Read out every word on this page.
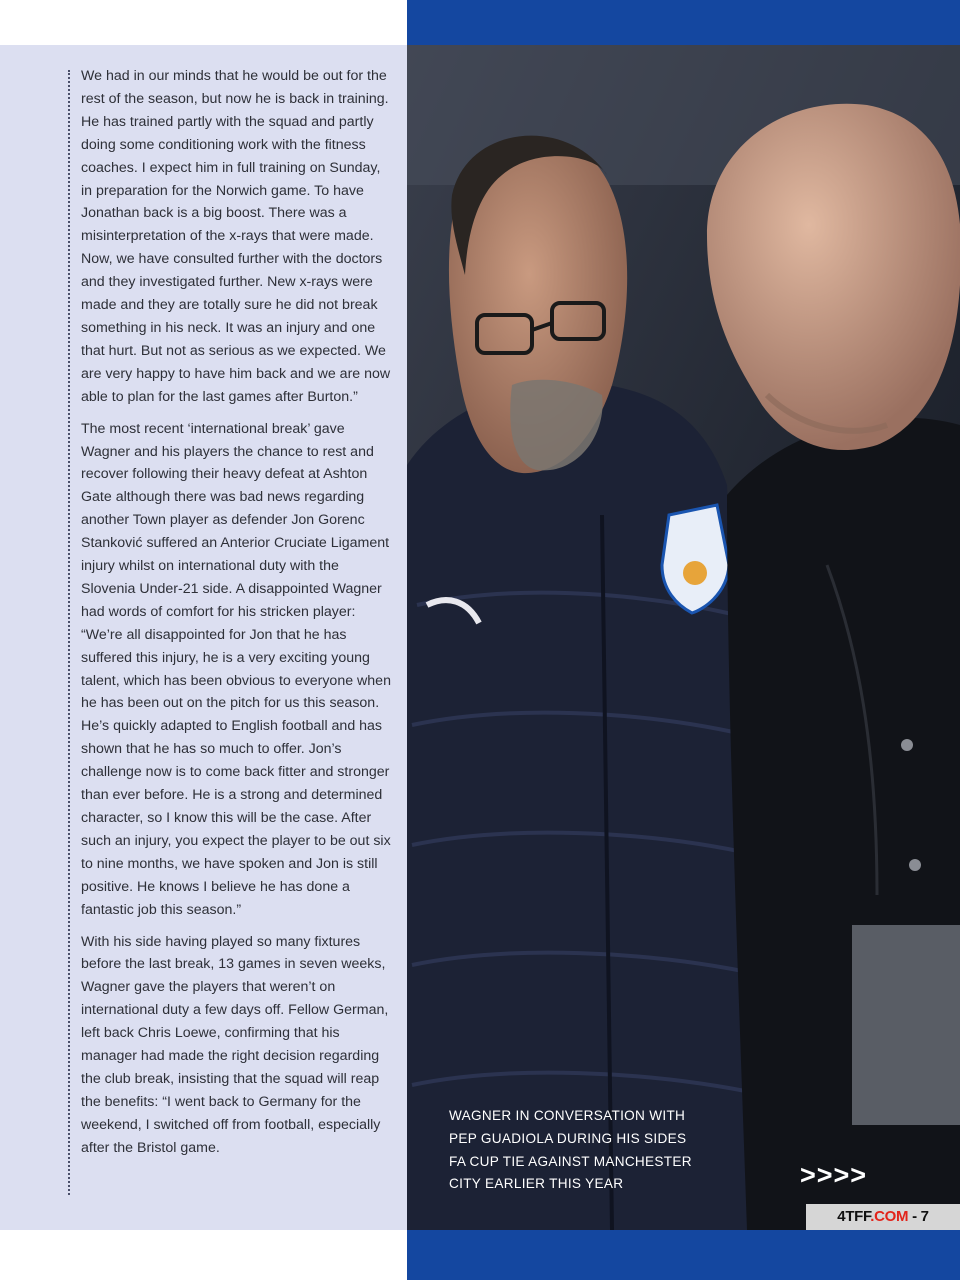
We had in our minds that he would be out for the rest of the season, but now he is back in training. He has trained partly with the squad and partly doing some conditioning work with the fitness coaches. I expect him in full training on Sunday, in preparation for the Norwich game. To have Jonathan back is a big boost. There was a misinterpretation of the x-rays that were made. Now, we have consulted further with the doctors and they investigated further. New x-rays were made and they are totally sure he did not break something in his neck. It was an injury and one that hurt. But not as serious as we expected. We are very happy to have him back and we are now able to plan for the last games after Burton.”

The most recent ‘international break’ gave Wagner and his players the chance to rest and recover following their heavy defeat at Ashton Gate although there was bad news regarding another Town player as defender Jon Gorenc Stanković suffered an Anterior Cruciate Ligament injury whilst on international duty with the Slovenia Under-21 side. A disappointed Wagner had words of comfort for his stricken player: “We’re all disappointed for Jon that he has suffered this injury, he is a very exciting young talent, which has been obvious to everyone when he has been out on the pitch for us this season. He’s quickly adapted to English football and has shown that he has so much to offer. Jon’s challenge now is to come back fitter and stronger than ever before. He is a strong and determined character, so I know this will be the case. After such an injury, you expect the player to be out six to nine months, we have spoken and Jon is still positive. He knows I believe he has done a fantastic job this season.”

With his side having played so many fixtures before the last break, 13 games in seven weeks, Wagner gave the players that weren’t on international duty a few days off. Fellow German, left back Chris Loewe, confirming that his manager had made the right decision regarding the club break, insisting that the squad will reap the benefits: “I went back to Germany for the weekend, I switched off from football, especially after the Bristol game.

WAGNER IN CONVERSATION WITH PEP GUADIOLA DURING HIS SIDES FA CUP TIE AGAINST MANCHESTER CITY EARLIER THIS YEAR	>>>>
4TFF.COM - 7
